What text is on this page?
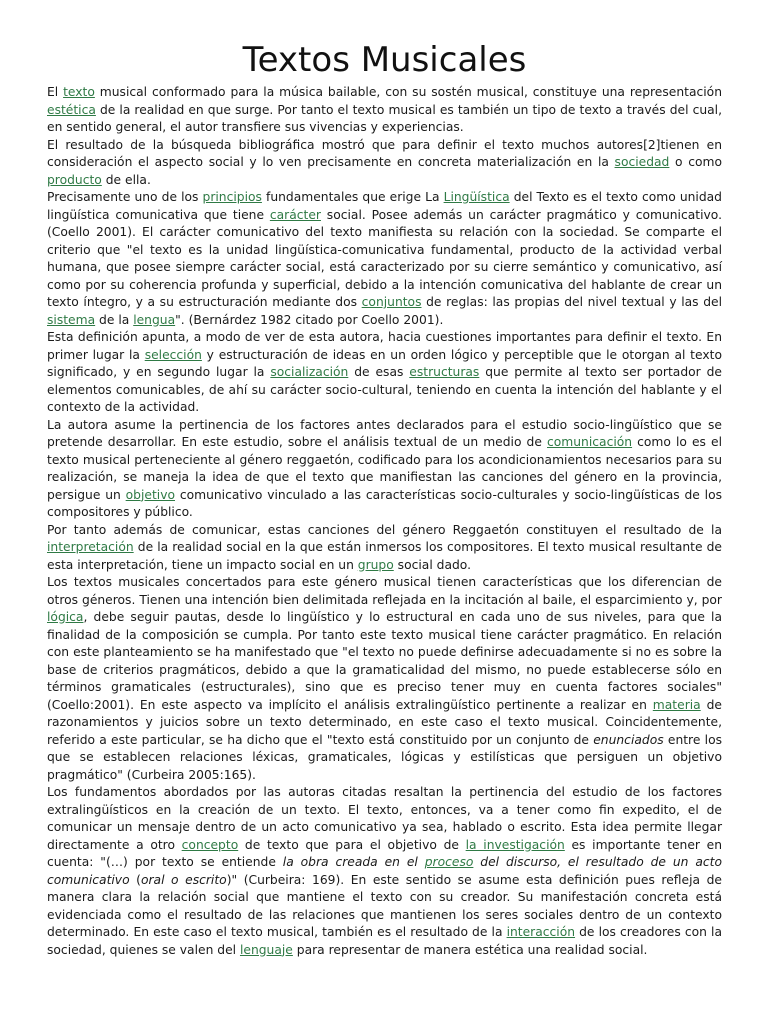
Textos Musicales

El texto musical conformado para la música bailable, con su sostén musical, constituye una representación estética de la realidad en que surge. Por tanto el texto musical es también un tipo de texto a través del cual, en sentido general, el autor transfiere sus vivencias y experiencias.

El resultado de la búsqueda bibliográfica mostró que para definir el texto muchos autores[2]tienen en consideración el aspecto social y lo ven precisamente en concreta materialización en la sociedad o como producto de ella.

Precisamente uno de los principios fundamentales que erige La Lingüística del Texto es el texto como unidad lingüística comunicativa que tiene carácter social. Posee además un carácter pragmático y comunicativo. (Coello 2001). El carácter comunicativo del texto manifiesta su relación con la sociedad. Se comparte el criterio que "el texto es la unidad lingüística-comunicativa fundamental, producto de la actividad verbal humana, que posee siempre carácter social, está caracterizado por su cierre semántico y comunicativo, así como por su coherencia profunda y superficial, debido a la intención comunicativa del hablante de crear un texto íntegro, y a su estructuración mediante dos conjuntos de reglas: las propias del nivel textual y las del sistema de la lengua". (Bernárdez 1982 citado por Coello 2001).

Esta definición apunta, a modo de ver de esta autora, hacia cuestiones importantes para definir el texto. En primer lugar la selección y estructuración de ideas en un orden lógico y perceptible que le otorgan al texto significado, y en segundo lugar la socialización de esas estructuras que permite al texto ser portador de elementos comunicables, de ahí su carácter socio-cultural, teniendo en cuenta la intención del hablante y el contexto de la actividad.

La autora asume la pertinencia de los factores antes declarados para el estudio socio-lingüístico que se pretende desarrollar. En este estudio, sobre el análisis textual de un medio de comunicación como lo es el texto musical perteneciente al género reggaetón, codificado para los acondicionamientos necesarios para su realización, se maneja la idea de que el texto que manifiestan las canciones del género en la provincia, persigue un objetivo comunicativo vinculado a las características socio-culturales y socio-lingüísticas de los compositores y público.

Por tanto además de comunicar, estas canciones del género Reggaetón constituyen el resultado de la interpretación de la realidad social en la que están inmersos los compositores. El texto musical resultante de esta interpretación, tiene un impacto social en un grupo social dado.

Los textos musicales concertados para este género musical tienen características que los diferencian de otros géneros. Tienen una intención bien delimitada reflejada en la incitación al baile, el esparcimiento y, por lógica, debe seguir pautas, desde lo lingüístico y lo estructural en cada uno de sus niveles, para que la finalidad de la composición se cumpla. Por tanto este texto musical tiene carácter pragmático. En relación con este planteamiento se ha manifestado que "el texto no puede definirse adecuadamente si no es sobre la base de criterios pragmáticos, debido a que la gramaticalidad del mismo, no puede establecerse sólo en términos gramaticales (estructurales), sino que es preciso tener muy en cuenta factores sociales" (Coello:2001). En este aspecto va implícito el análisis extralingüístico pertinente a realizar en materia de razonamientos y juicios sobre un texto determinado, en este caso el texto musical. Coincidentemente, referido a este particular, se ha dicho que el "texto está constituido por un conjunto de enunciados entre los que se establecen relaciones léxicas, gramaticales, lógicas y estilísticas que persiguen un objetivo pragmático" (Curbeira 2005:165).

Los fundamentos abordados por las autoras citadas resaltan la pertinencia del estudio de los factores extralingüísticos en la creación de un texto. El texto, entonces, va a tener como fin expedito, el de comunicar un mensaje dentro de un acto comunicativo ya sea, hablado o escrito. Esta idea permite llegar directamente a otro concepto de texto que para el objetivo de la investigación es importante tener en cuenta: "(…) por texto se entiende la obra creada en el proceso del discurso, el resultado de un acto comunicativo (oral o escrito)" (Curbeira: 169). En este sentido se asume esta definición pues refleja de manera clara la relación social que mantiene el texto con su creador. Su manifestación concreta está evidenciada como el resultado de las relaciones que mantienen los seres sociales dentro de un contexto determinado. En este caso el texto musical, también es el resultado de la interacción de los creadores con la sociedad, quienes se valen del lenguaje para representar de manera estética una realidad social.
